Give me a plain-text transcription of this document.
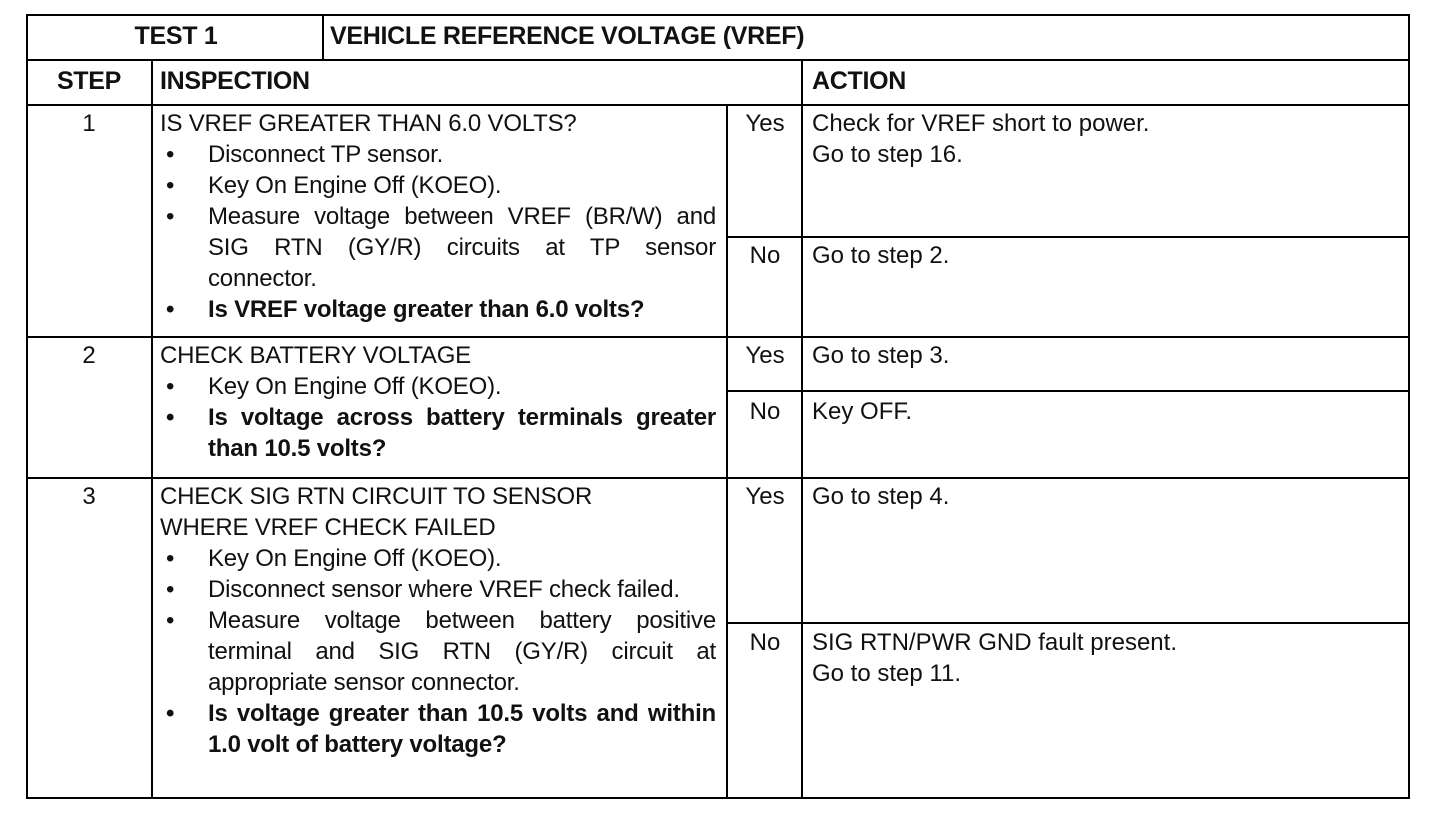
TEST 1	VEHICLE REFERENCE VOLTAGE (VREF)
STEP	INSPECTION	ACTION
1	IS VREF GREATER THAN 6.0 VOLTS?
• Disconnect TP sensor.
• Key On Engine Off (KOEO).
• Measure voltage between VREF (BR/W) and SIG RTN (GY/R) circuits at TP sensor connector.
• Is VREF voltage greater than 6.0 volts?
Yes	Check for VREF short to power.
Go to step 16.
No	Go to step 2.
2	CHECK BATTERY VOLTAGE
• Key On Engine Off (KOEO).
• Is voltage across battery terminals greater than 10.5 volts?
Yes	Go to step 3.
No	Key OFF.
3	CHECK SIG RTN CIRCUIT TO SENSOR WHERE VREF CHECK FAILED
• Key On Engine Off (KOEO).
• Disconnect sensor where VREF check failed.
• Measure voltage between battery positive terminal and SIG RTN (GY/R) circuit at appropriate sensor connector.
• Is voltage greater than 10.5 volts and within 1.0 volt of battery voltage?
Yes	Go to step 4.
No	SIG RTN/PWR GND fault present.
Go to step 11.
